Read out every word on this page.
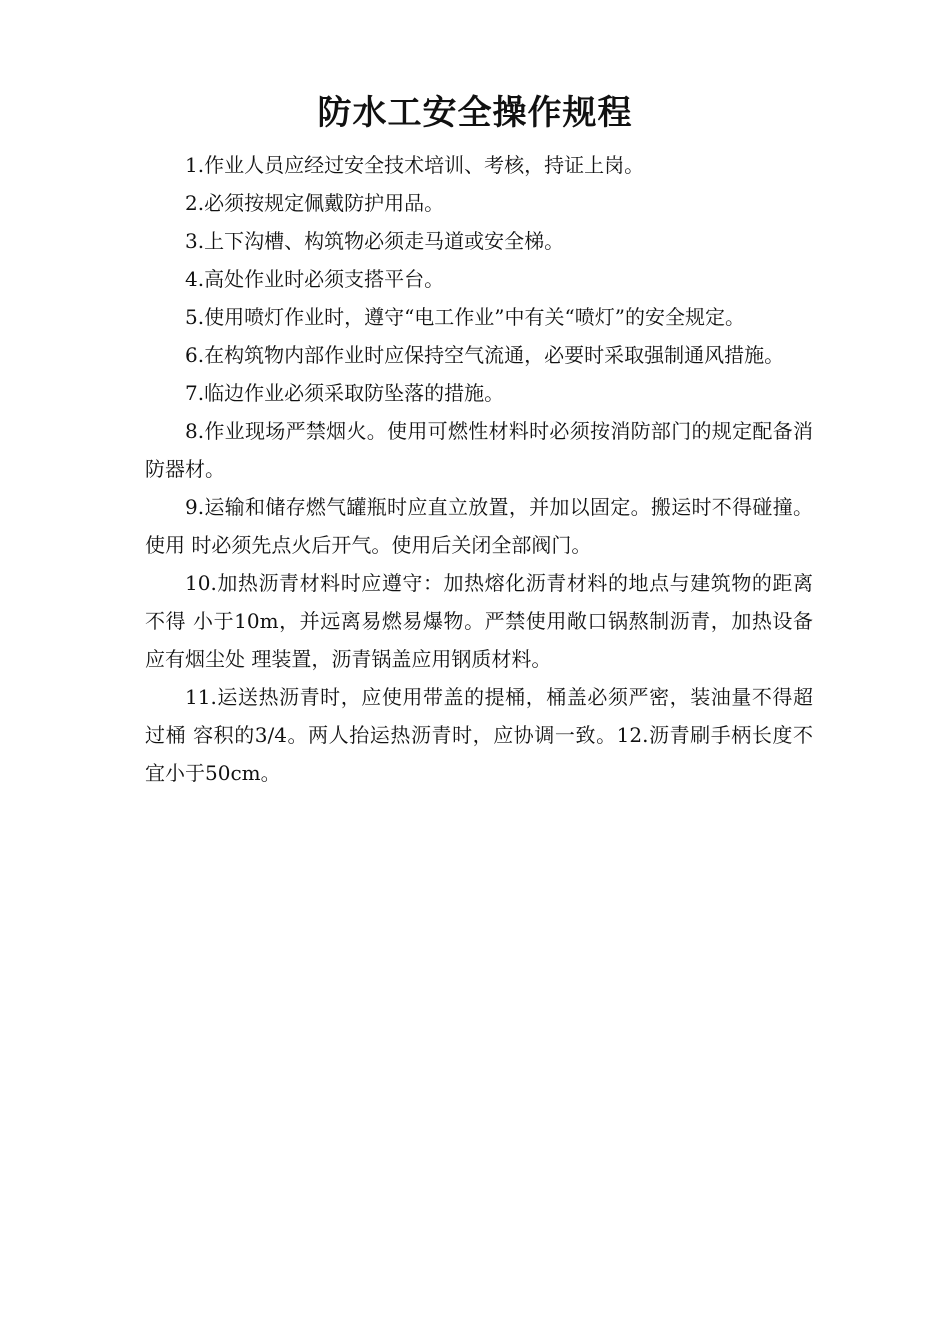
防水工安全操作规程

1.作业人员应经过安全技术培训、考核，持证上岗。

2.必须按规定佩戴防护用品。

3.上下沟槽、构筑物必须走马道或安全梯。

4.高处作业时必须支搭平台。

5.使用喷灯作业时，遵守“电工作业”中有关“喷灯”的安全规定。

6.在构筑物内部作业时应保持空气流通，必要时采取强制通风措施。

7.临边作业必须采取防坠落的措施。

8.作业现场严禁烟火。使用可燃性材料时必须按消防部门的规定配备消防器材。

9.运输和储存燃气罐瓶时应直立放置，并加以固定。搬运时不得碰撞。使用 时必须先点火后开气。使用后关闭全部阀门。

10.加热沥青材料时应遵守：加热熔化沥青材料的地点与建筑物的距离不得 小于10m，并远离易燃易爆物。严禁使用敞口锅熬制沥青，加热设备应有烟尘处 理装置，沥青锅盖应用钢质材料。

11.运送热沥青时，应使用带盖的提桶，桶盖必须严密，装油量不得超过桶 容积的3/4。两人抬运热沥青时，应协调一致。12.沥青刷手柄长度不宜小于50cm。
